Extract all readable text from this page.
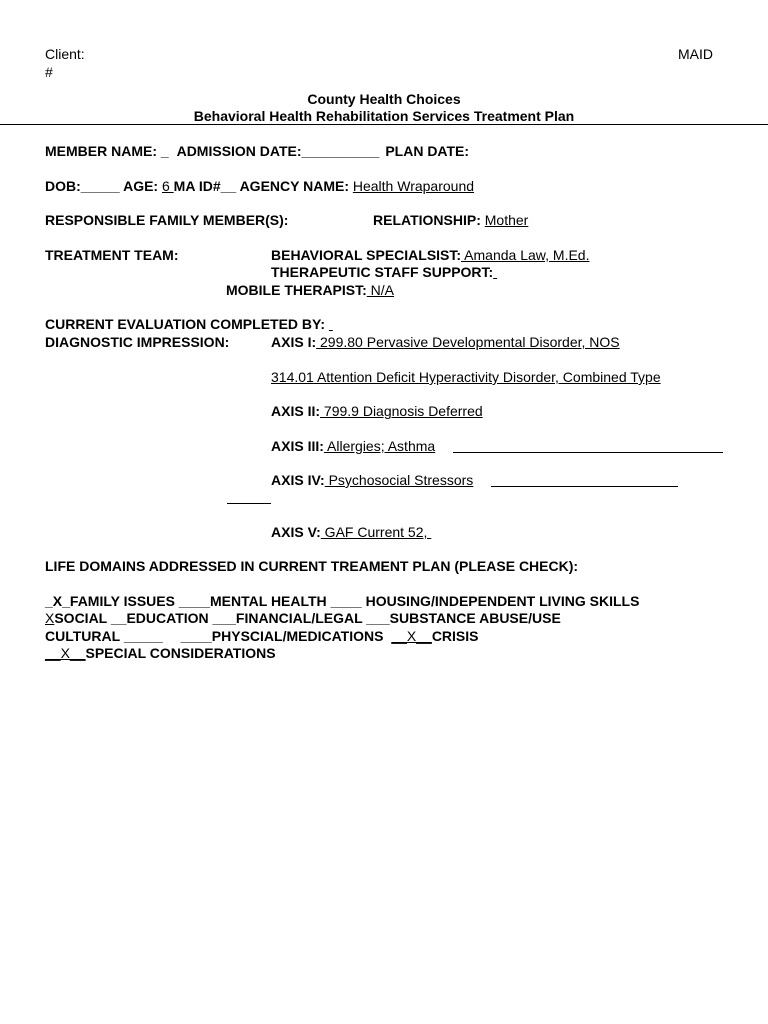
Client:
#
MAID
County Health Choices
Behavioral Health Rehabilitation Services Treatment Plan
MEMBER NAME: _ ADMISSION DATE:__________ PLAN DATE:
DOB:_____ AGE: 6 MA ID#__ AGENCY NAME: Health Wraparound
RESPONSIBLE FAMILY MEMBER(S):	RELATIONSHIP: Mother
TREATMENT TEAM:	BEHAVIORAL SPECIALSIST: Amanda Law, M.Ed.
THERAPEUTIC STAFF SUPPORT:
MOBILE THERAPIST: N/A
CURRENT EVALUATION COMPLETED BY:
DIAGNOSTIC IMPRESSION:	AXIS I: 299.80 Pervasive Developmental Disorder, NOS
314.01 Attention Deficit Hyperactivity Disorder, Combined Type
AXIS II: 799.9 Diagnosis Deferred
AXIS III: Allergies; Asthma
AXIS IV: Psychosocial Stressors
AXIS V: GAF Current 52,
LIFE DOMAINS ADDRESSED IN CURRENT TREAMENT PLAN (PLEASE CHECK):
_X_FAMILY ISSUES ____MENTAL HEALTH ____ HOUSING/INDEPENDENT LIVING SKILLS
XSOCIAL __EDUCATION ___FINANCIAL/LEGAL ___SUBSTANCE ABUSE/USE
CULTURAL _____ ____PHYSCIAL/MEDICATIONS __X__CRISIS
__X__SPECIAL CONSIDERATIONS
